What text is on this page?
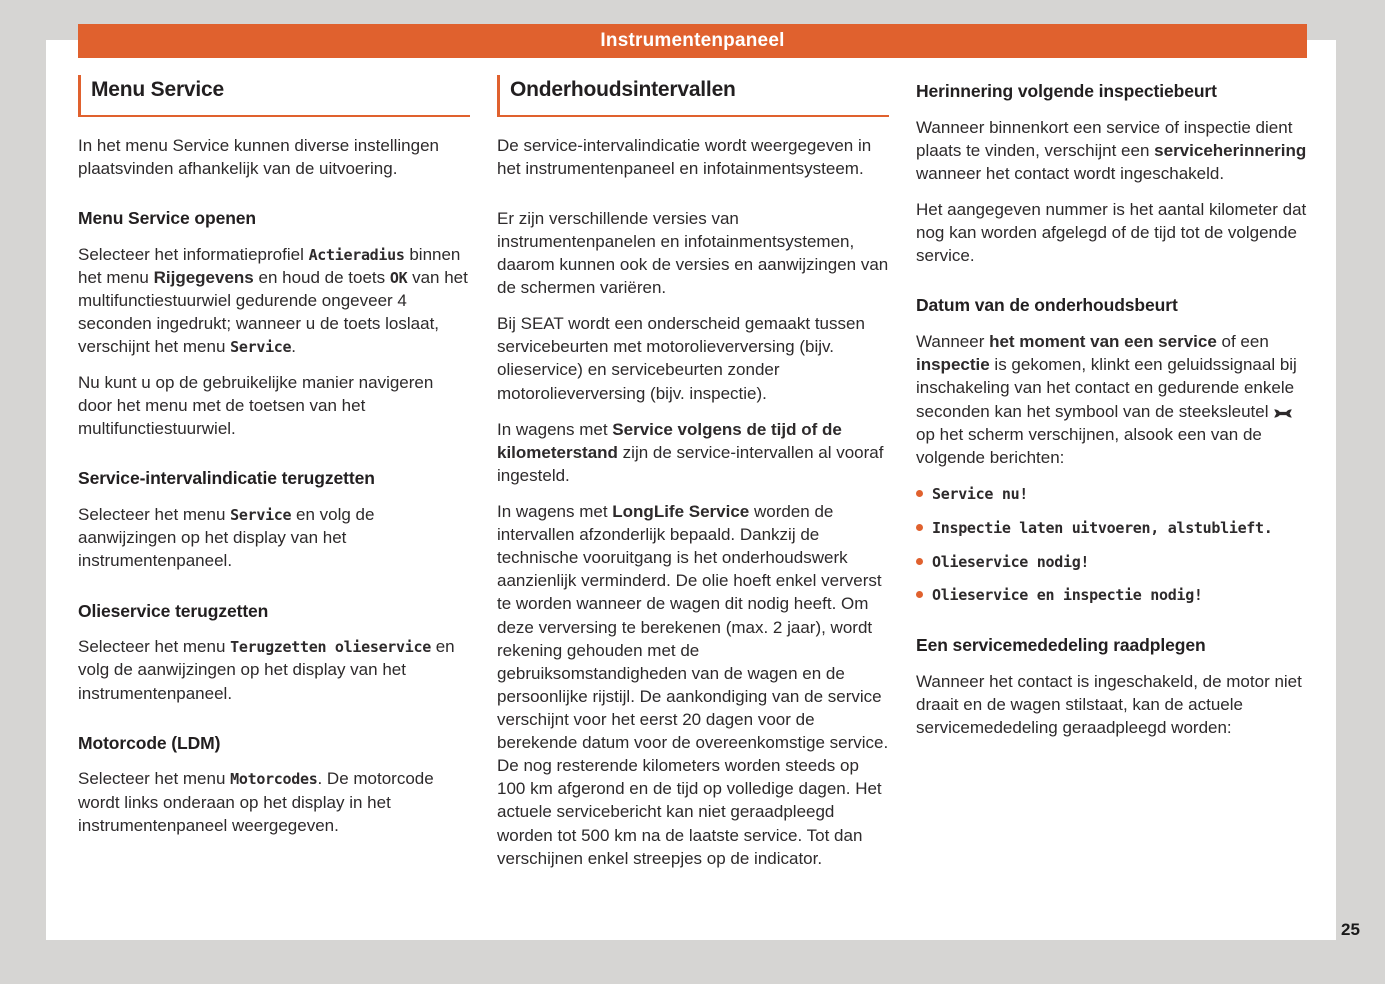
Instrumentenpaneel
Menu Service

In het menu Service kunnen diverse instellingen plaatsvinden afhankelijk van de uitvoering.

Menu Service openen

Selecteer het informatieprofiel Actieradius binnen het menu Rijgegevens en houd de toets OK van het multifunctiestuurwiel gedurende ongeveer 4 seconden ingedrukt; wanneer u de toets loslaat, verschijnt het menu Service.

Nu kunt u op de gebruikelijke manier navigeren door het menu met de toetsen van het multifunctiestuurwiel.

Service-intervalindicatie terugzetten

Selecteer het menu Service en volg de aanwijzingen op het display van het instrumentenpaneel.

Olieservice terugzetten

Selecteer het menu Terugzetten olieservice en volg de aanwijzingen op het display van het instrumentenpaneel.

Motorcode (LDM)

Selecteer het menu Motorcodes. De motorcode wordt links onderaan op het display in het instrumentenpaneel weergegeven.

Onderhoudsintervallen

De service-intervalindicatie wordt weergegeven in het instrumentenpaneel en infotainmentsysteem.

Er zijn verschillende versies van instrumentenpanelen en infotainmentsystemen, daarom kunnen ook de versies en aanwijzingen van de schermen variëren.

Bij SEAT wordt een onderscheid gemaakt tussen servicebeurten met motorolieverversing (bijv. olieservice) en servicebeurten zonder motorolieverversing (bijv. inspectie).

In wagens met Service volgens de tijd of de kilometerstand zijn de service-intervallen al vooraf ingesteld.

In wagens met LongLife Service worden de intervallen afzonderlijk bepaald. Dankzij de technische vooruitgang is het onderhoudswerk aanzienlijk verminderd. De olie hoeft enkel ververst te worden wanneer de wagen dit nodig heeft. Om deze verversing te berekenen (max. 2 jaar), wordt rekening gehouden met de gebruiksomstandigheden van de wagen en de persoonlijke rijstijl. De aankondiging van de service verschijnt voor het eerst 20 dagen voor de berekende datum voor de overeenkomstige service. De nog resterende kilometers worden steeds op 100 km afgerond en de tijd op volledige dagen. Het actuele servicebericht kan niet geraadpleegd worden tot 500 km na de laatste service. Tot dan verschijnen enkel streepjes op de indicator.

Herinnering volgende inspectiebeurt

Wanneer binnenkort een service of inspectie dient plaats te vinden, verschijnt een serviceherinnering wanneer het contact wordt ingeschakeld.

Het aangegeven nummer is het aantal kilometer dat nog kan worden afgelegd of de tijd tot de volgende service.

Datum van de onderhoudsbeurt

Wanneer het moment van een service of een inspectie is gekomen, klinkt een geluidssignaal bij inschakeling van het contact en gedurende enkele seconden kan het symbool van de steeksleutel  op het scherm verschijnen, alsook een van de volgende berichten:

Service nu!
Inspectie laten uitvoeren, alstublieft.
Olieservice nodig!
Olieservice en inspectie nodig!
Een servicemededeling raadplegen

Wanneer het contact is ingeschakeld, de motor niet draait en de wagen stilstaat, kan de actuele servicemededeling geraadpleegd worden:

25
